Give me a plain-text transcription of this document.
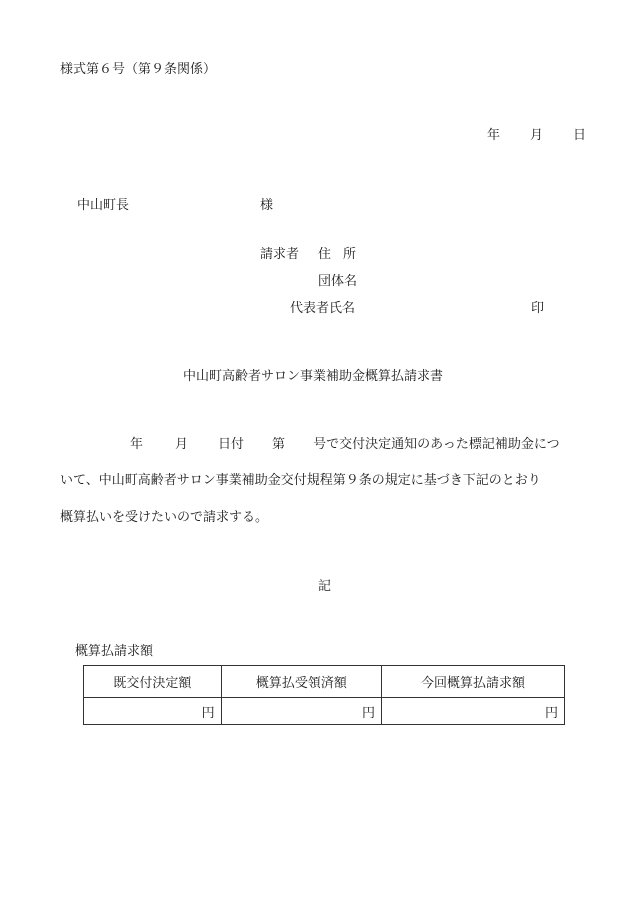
様式第６号（第９条関係）
年 月 日
中山町長	様
請求者 住所
団体名
代表者氏名	印
中山町高齢者サロン事業補助金概算払請求書
年 月 日付 第 号で交付決定通知のあった標記補助金につ
いて、中山町高齢者サロン事業補助金交付規程第９条の規定に基づき下記のとおり
概算払いを受けたいので請求する。
記
概算払請求額
既交付決定額	概算払受領済額	今回概算払請求額
円	円	円
